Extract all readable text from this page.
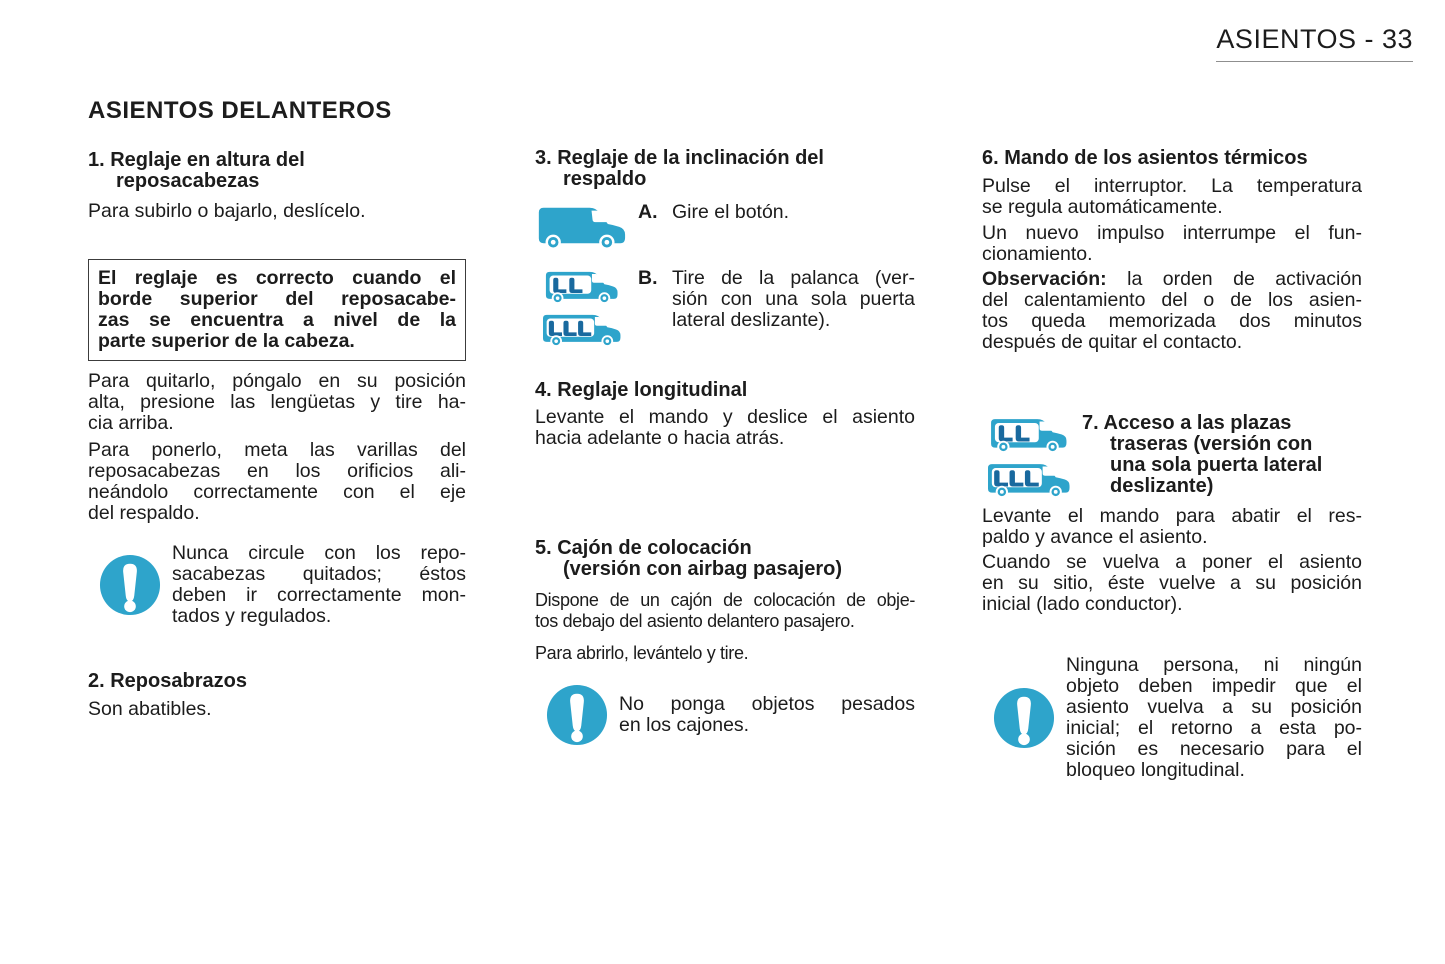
ASIENTOS - 33
ASIENTOS DELANTEROS
1. Reglaje en altura del
reposacabezas
Para subirlo o bajarlo, deslícelo.
El reglaje es correcto cuando el
borde superior del reposacabe-
zas se encuentra a nivel de la
parte superior de la cabeza.
Para quitarlo, póngalo en su posición
alta, presione las lengüetas y tire ha-
cia arriba.
Para ponerlo, meta las varillas del
reposacabezas en los orificios ali-
neándolo correctamente con el eje
del respaldo.
Nunca circule con los repo-
sacabezas quitados; éstos
deben ir correctamente mon-
tados y regulados.
2. Reposabrazos
Son abatibles.
3. Reglaje de la inclinación del
respaldo
A. Gire el botón.
B. Tire de la palanca (ver-
sión con una sola puerta
lateral deslizante).
4. Reglaje longitudinal
Levante el mando y deslice el asiento
hacia adelante o hacia atrás.
5. Cajón de colocación
(versión con airbag pasajero)
Dispone de un cajón de colocación de obje-
tos debajo del asiento delantero pasajero.
Para abrirlo, levántelo y tire.
No ponga objetos pesados
en los cajones.
6. Mando de los asientos térmicos
Pulse el interruptor. La temperatura
se regula automáticamente.
Un nuevo impulso interrumpe el fun-
cionamiento.
Observación: la orden de activación
del calentamiento del o de los asien-
tos queda memorizada dos minutos
después de quitar el contacto.
7. Acceso a las plazas
traseras (versión con
una sola puerta lateral
deslizante)
Levante el mando para abatir el res-
paldo y avance el asiento.
Cuando se vuelva a poner el asiento
en su sitio, éste vuelve a su posición
inicial (lado conductor).
Ninguna persona, ni ningún
objeto deben impedir que el
asiento vuelva a su posición
inicial; el retorno a esta po-
sición es necesario para el
bloqueo longitudinal.
